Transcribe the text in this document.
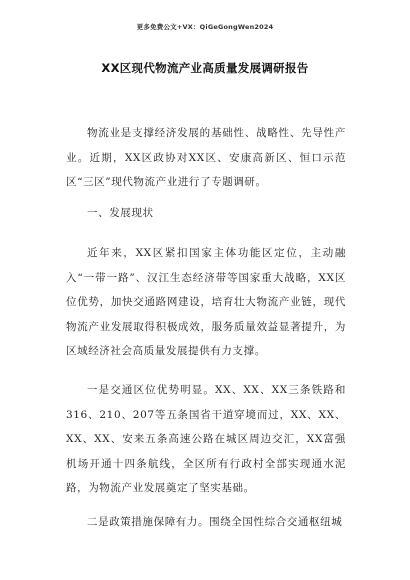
更多免费公文+VX：QiGeGongWen2024
XX区现代物流产业高质量发展调研报告

物流业是支撑经济发展的基础性、战略性、先导性产业。近期，XX区政协对XX区、安康高新区、恒口示范区“三区”现代物流产业进行了专题调研。

一、发展现状

近年来，XX区紧扣国家主体功能区定位，主动融入“一带一路”、汉江生态经济带等国家重大战略，XX区位优势，加快交通路网建设，培育壮大物流产业链，现代物流产业发展取得积极成效，服务质量效益显著提升，为区域经济社会高质量发展提供有力支撑。

一是交通区位优势明显。XX、XX、XX三条铁路和316、210、207等五条国省干道穿境而过，XX、XX、XX、XX、安来五条高速公路在城区周边交汇，XX富强机场开通十四条航线，全区所有行政村全部实现通水泥路，为物流产业发展奠定了坚实基础。

二是政策措施保障有力。围绕全国性综合交通枢纽城
